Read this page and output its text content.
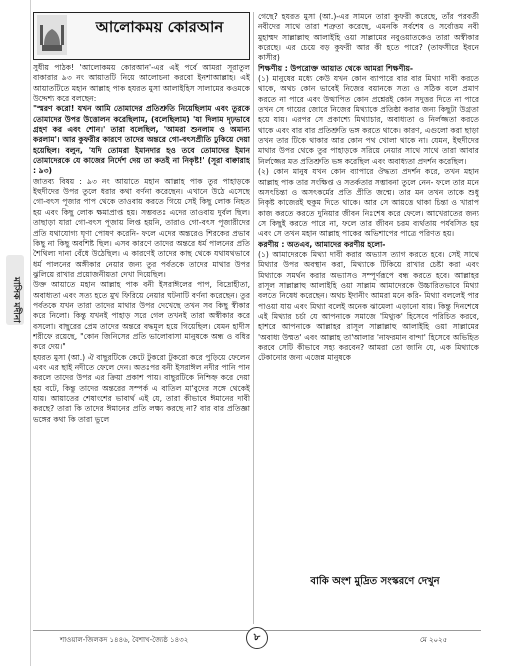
মাসিক মদীনা
আলোকময় কোরআন

সুধীয় পাঠক! 'আলোকময় কোরআন'-এর এই পর্বে আমরা সূরাতুল বাকারার ৯৩ নং আয়াতটি নিয়ে আলোচনা করবো ইনশাআল্লাহ। এই আয়াতটিতে মহান আল্লাহ পাক হযরত মুসা আলাইহিস সালামের কওমকে উদ্দেশ্য করে বলছেন:

"স্মরণ করো! যখন আমি তোমাদের প্রতিশ্রুতি নিয়েছিলাম এবং তুরকে তোমাদের উপর উত্তোলন করেছিলাম, (বলেছিলাম) 'যা দিলাম দৃঢ়ভাবে গ্রহণ কর এবং শোন।' তারা বলেছিল, 'আমরা শুনলাম ও অমান্য করলাম'। আর কুফরীর কারণে তাদের অন্তরে গো-বৎসপ্রীতি ঢুকিয়ে দেয়া হয়েছিল। বলুন, 'যদি তোমরা ইমানদার হও তবে তোমাদের ইমান তোমাদেরকে যে কাজের নির্দেশ দেয় তা কতই না নিকৃষ্ট!' (সূরা বাক্বারাহ : ৯৩)

জাতব্য বিষয় : ৯৩ নং আয়াতে মহান আল্লাহ পাক তুর পাহাড়কে ইহুদীদের উপর তুলে ধরার কথা বর্ণনা করেছেন। এখানে উঠে এসেছে গো-বৎস পূজার পাপ থেকে তাওবায় করতে গিয়ে সেই কিছু লোক নিহত হয় এবং কিছু লোক ক্ষমাপ্রাপ্ত হয়। সম্ভবতঃ এদের তাওবায় দুর্বল ছিল। তাছাড়া যারা গো-বৎস পূজায় লিপ্ত হয়নি, তারাও গো-বৎস পূজারীদের প্রতি যথাযোগ্য ঘৃণা পোষণ করেনি- ফলে এদের অন্তরেও শিরকের প্রভাব কিছু না কিছু অবশিষ্ট ছিল। এসব কারণে তাদের অন্তরে ধর্ম পালনের প্রতি শৈথিল্য দানা বেঁধে উঠেছিল। এ কারণেই তাদের কাছ থেকে যথাযথভাবে ধর্ম পালনের অঙ্গীকার নেয়ার জন্য তুর পর্বতকে তাদের মাথার উপর ঝুলিয়ে রাখার প্রয়োজনীয়তা দেখা দিয়েছিল।

উক্ত আয়াতে মহান আল্লাহ পাক বনী ইসরাঈলের পাপ, বিদ্রোহীতা, অবাধ্যতা এবং সত্য হতে মুখ ফিরিয়ে নেয়ার ঘটনাটি বর্ণনা করেছেন। তুর পর্বতকে যখন তারা তাদের মাথার উপর দেখেছে তখন সব কিছু স্বীকার করে নিলো। কিন্তু যখনই পাহাড় সরে গেল তখনই তারা অস্বীকার করে বসলো। বাছুরের প্রেম তাদের অন্তরে বদ্ধমূল হয়ে গিয়েছিল। যেমন হাদীস শরীফে রয়েছে, "কোন জিনিসের প্রতি ভালোবাসা মানুষকে অন্ধ ও বধির করে দেয়।"

হযরত মুসা (আ.) ঐ বাছুরটিকে কেটে টুকরো টুকরো করে পুড়িয়ে ফেলেন এবং এর ছাই নদীতে ফেলে দেন। অতঃপর বনী ইসরাঈল নদীর পানি পান করলে তাদের উপর এর ক্রিয়া প্রকাশ পায়। বাছুরটিকে নিশ্চিহ্ন করে দেয়া হয় বটে, কিন্তু তাদের অন্তরের সম্পর্ক এ বাতিল মা'বুদের সঙ্গে থেকেই যায়। আয়াতের শেষাংশের ভাবার্থ এই যে, তারা কীভাবে ঈমানের দাবী করছে? তারা কি তাদের ঈমানের প্রতি লক্ষ্য করছে না? বার বার প্রতিজ্ঞা ভঙ্গের কথা কি তারা ভুলে

গেছে? হযরত মুসা (আ.)-এর সামনে তারা কুফরী করেছে, তাঁর পরবর্তী নবীদের সাথে তারা শত্রুতা করেছে, এমনকি সর্বশেষ ও সর্বোত্তম নবী মুহাম্মদ সাল্লাল্লাহু আলাইহি ওয়া সাল্লামের নবুওয়াতকেও তারা অস্বীকার করেছে। এর চেয়ে বড় কুফরী আর কী হতে পারে? (তাফসীরে ইবনে কাসীর)

শিক্ষণীয় : উপরোক্ত আয়াত থেকে আমরা শিক্ষণীয়-

(১) মানুষের মধ্যে কেউ যখন কোন ব্যাপারে বার বার মিথ্যা দাবী করতে থাকে, অথচ কোন ভাবেই নিজের বয়ানকে সত্য ও সঠিক বলে প্রমাণ করতে না পারে এবং উত্থাপিত কোন প্রশ্নেরই কোন সদুত্তর দিতে না পারে তখন সে গায়ের জোরে নিজের মিথ্যাকে প্রতিষ্ঠা করার জন্য কিছুটা উগ্রতা হয়ে যায়। এরপর সে প্রকাশ্যে মিথ্যাচার, অবাধ্যতা ও নির্লজ্জতা করতে থাকে এবং বার বার প্রতিশ্রুতি ভঙ্গ করতে থাকে। কারণ, এগুলো করা ছাড়া তখন তার টিকে থাকার আর কোন পথ খোলা থাকে না। যেমন, ইহুদীদের মাথার উপর থেকে তুর পাহাড়কে সরিয়ে নেয়ার সাথে সাথে তারা আবার নির্লজ্জের মত প্রতিশ্রুতি ভঙ্গ করেছিল এবং অবাধ্যতা প্রদর্শন করেছিল।

(২) কোন মানুষ যখন কোন ব্যাপারে ঔদ্ধত্য প্রদর্শন করে, তখন মহান আল্লাহ পাক তার সংক্ষিপ্ত ও সতর্কতার সম্ভাবনা তুলে নেন- ফলে তার মনে অসৎচিন্তা ও অসৎকর্মের প্রতি প্রীতি জন্মে। তার মন তখন তাকে শুধু নিকৃষ্ট কাজেরই হুকুম দিতে থাকে। আর সে আয়ত্তে থাকা চিন্তা ও খারাপ কাজ করতে করতে দুনিয়ার জীবন নিঃশেষ করে ফেলে। আখেরাতের জন্য সে কিছুই করতে পারে না, ফলে তার জীবন চরম ব্যর্থতায় পর্যবসিত হয় এবং সে তখন মহান আল্লাহ পাকের অভিশাপের পাত্রে পরিণত হয়।

করণীয় : অতএব, আমাদের করণীয় হলো-

(১) আমাদেরকে মিথ্যা দাবী করার অভ্যাস ত্যাগ করতে হবে। সেই সাথে মিথ্যার উপর অবস্থান করা, মিথ্যাকে টিকিয়ে রাখার চেষ্টা করা এবং মিথ্যাকে সমর্থন করার অভ্যাসও সম্পূর্ণরূপে বন্ধ করতে হবে। আল্লাহর রাসূল সাল্লাল্লাহু আলাইহি ওয়া সাল্লাম আমাদেরকে উচ্চারিতভাবে মিথ্যা বলতে নিষেধ করেছেন। অথচ ইদানীং আমরা মনে করি- মিথ্যা বললেই পার পাওয়া যায় এবং মিথ্যা বলেই অনেক ঝামেলা এড়ানো যায়। কিন্তু দিনশেষে এই মিথ্যার চর্চা যে আপনাকে সমাজে 'মিথ্যুক' হিসেবে পরিচিত করবে, হাশরে আপনাকে আল্লাহর রাসূল সাল্লাল্লাহু আলাইহি ওয়া সাল্লামের 'অবাধ্য উম্মত' এবং আল্লাহ তা'আলার 'নাফরমান বান্দা' হিসেবে অভিহিত করবে সেটি কীভাবে সহ্য করবেন? আমরা তো জানি যে, এক মিথ্যাকে টেকানোর জন্য এজেন্ন মানুষকে

বাকি অংশ মুদ্রিত সংস্করণে দেখুন
শাওয়াল-জিলকদ ১৪৪৬, বৈশাখ-জ্যৈষ্ঠ ১৪৩২	৮	মে ২০২৫
